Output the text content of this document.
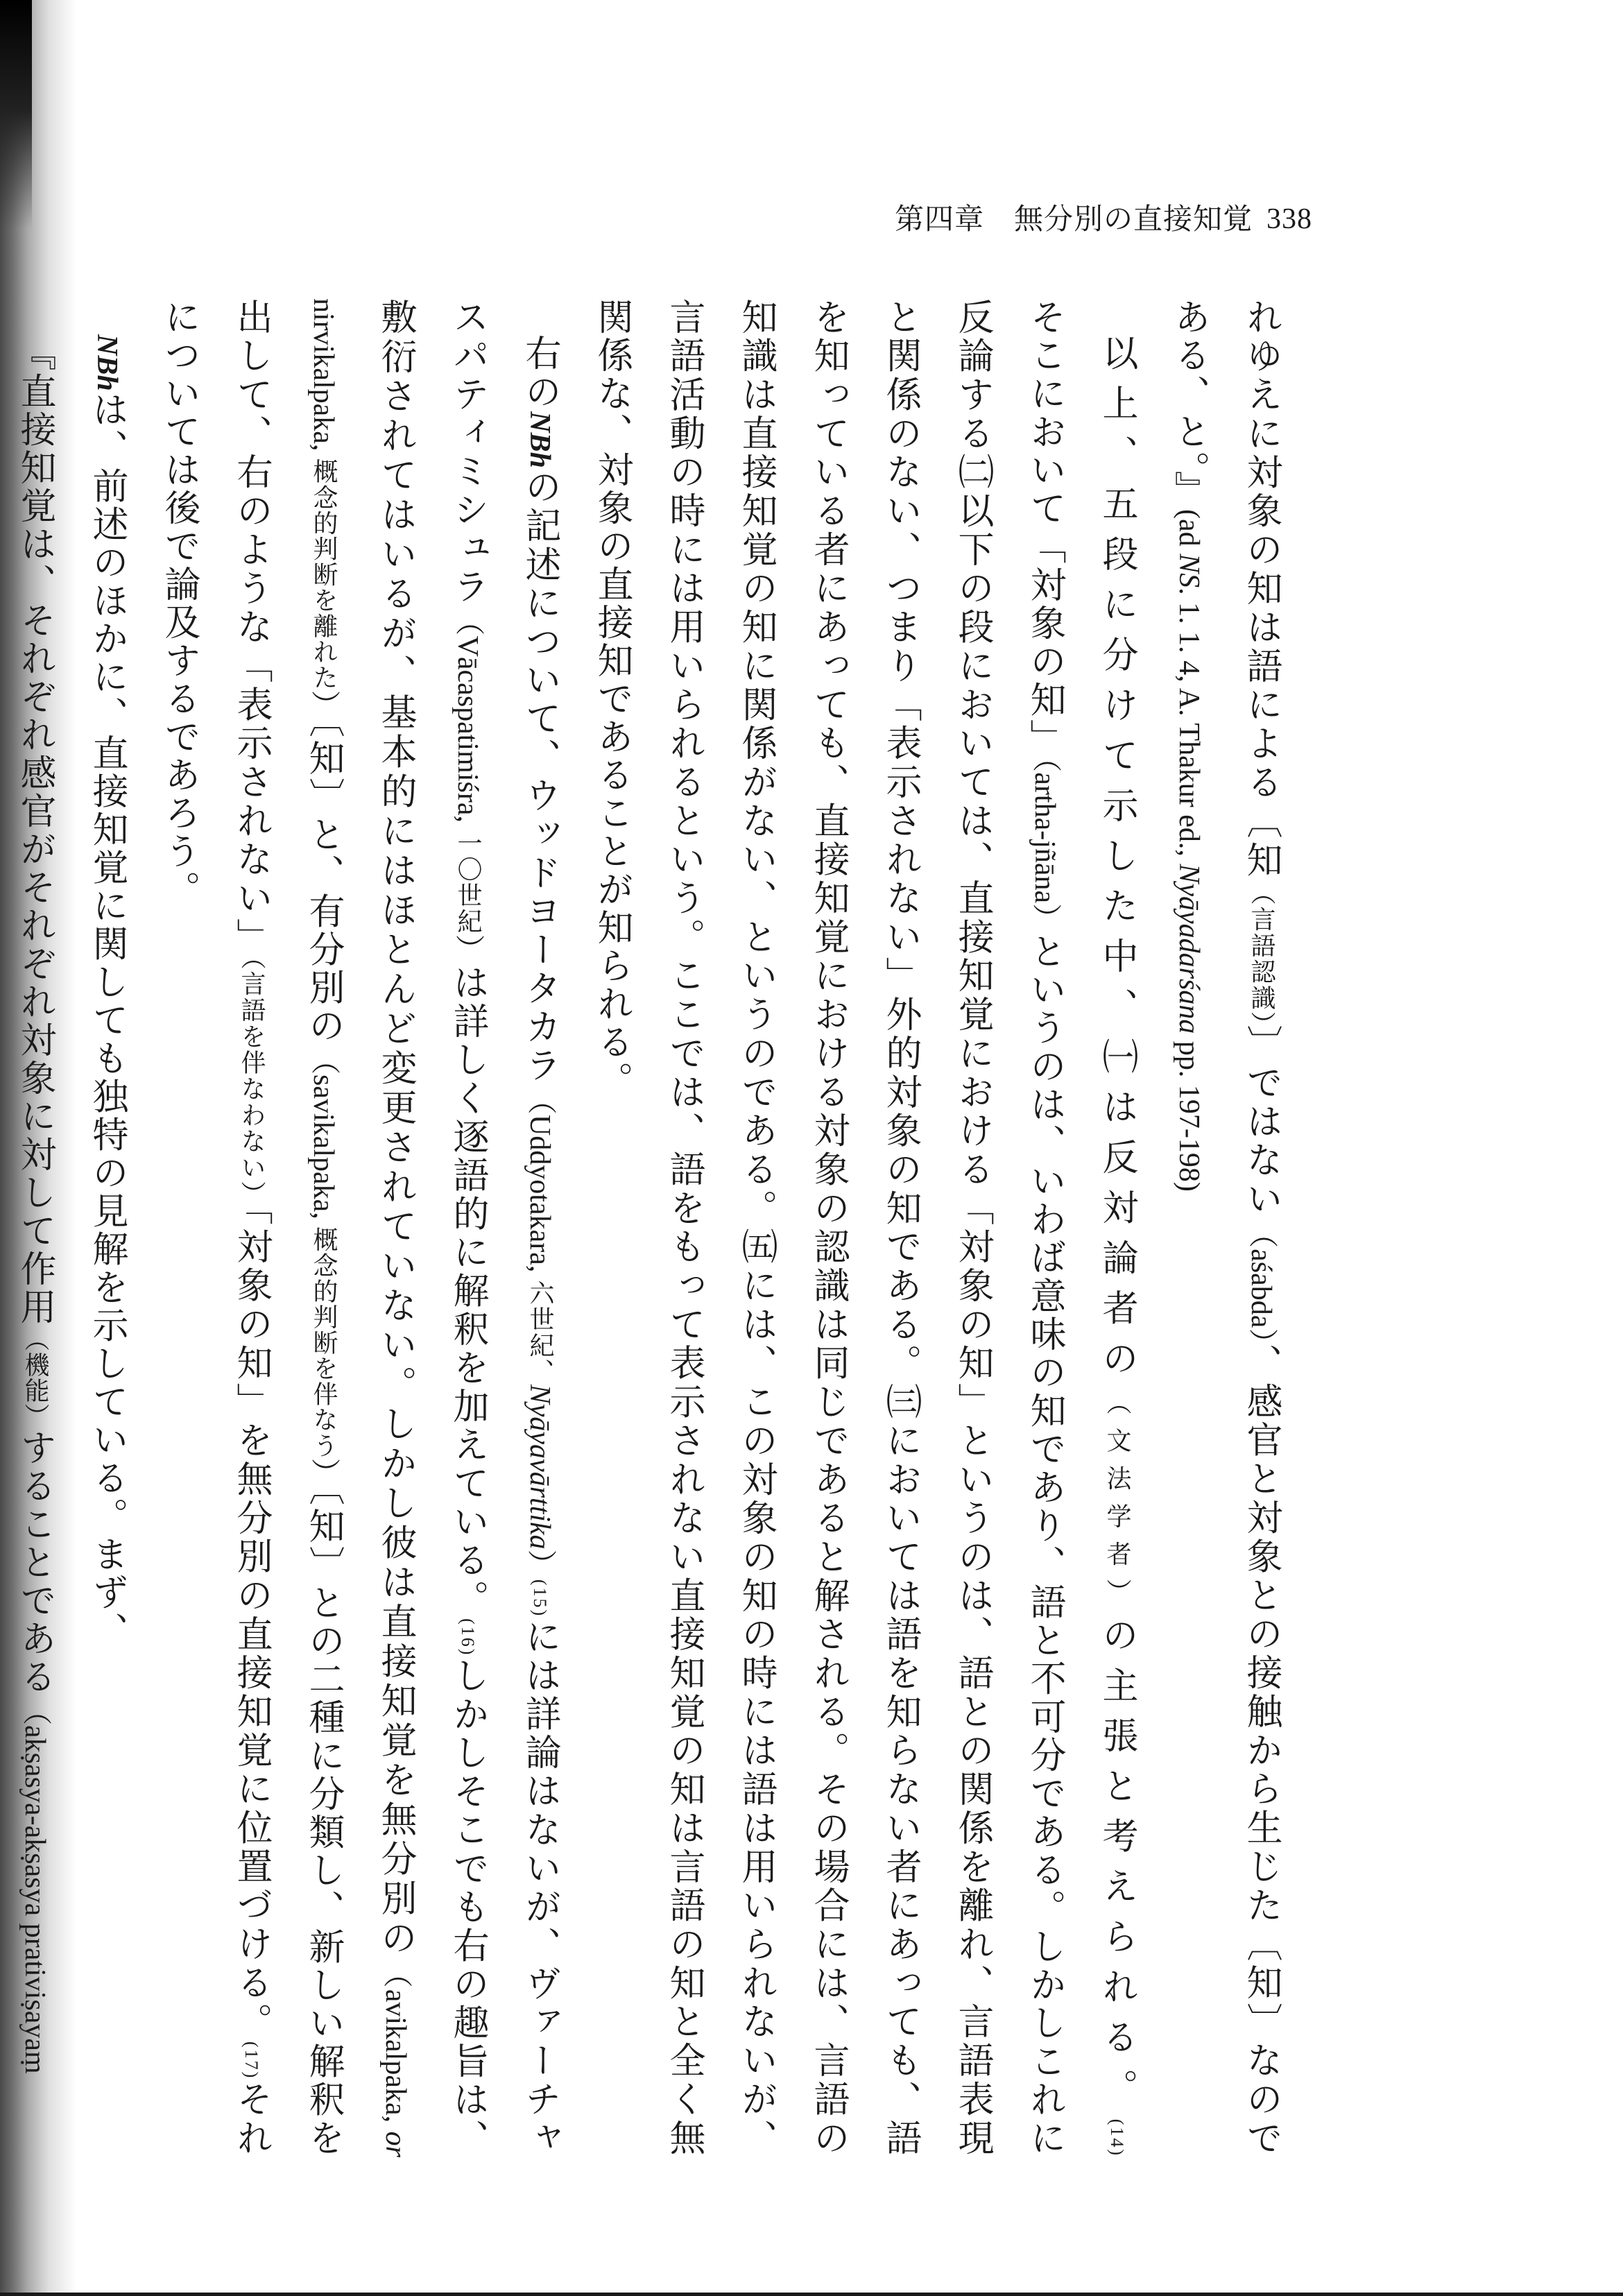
第四章　無分別の直接知覚 338

れゆえに対象の知は語による〔知（言語認識）〕ではない（aśabda）、感官と対象との接触から生じた〔知〕なのである、と。』(ad NS. 1. 1. 4, A. Thakur ed., Nyāyadarśana pp. 197-198)

以上、五段に分けて示した中、㈠は反対論者の（文法学者）の主張と考えられる。(14)そこにおいて「対象の知」（artha-jñāna）というのは、いわば意味の知であり、語と不可分である。しかしこれに反論する㈡以下の段においては、直接知覚における「対象の知」というのは、語との関係を離れ、言語表現と関係のない、つまり「表示されない」外的対象の知である。㈢においては語を知らない者にあっても、語を知っている者にあっても、直接知覚における対象の認識は同じであると解される。その場合には、言語の知識は直接知覚の知に関係がない、というのである。㈤には、この対象の知の時には語は用いられないが、言語活動の時には用いられるという。ここでは、語をもって表示されない直接知覚の知は言語の知と全く無関係な、対象の直接知であることが知られる。

右のNBhの記述について、ウッドヨータカラ（Uddyotakara, 六世紀、Nyāyavārttika）(15)には詳論はないが、ヴァーチャスパティミシュラ（Vācaspatimiśra, 一〇世紀）は詳しく逐語的に解釈を加えている。(16)しかしそこでも右の趣旨は、敷衍されてはいるが、基本的にはほとんど変更されていない。しかし彼は直接知覚を無分別の（avikalpaka, or nirvikalpaka, 概念的判断を離れた）〔知〕と、有分別の（savikalpaka, 概念的判断を伴なう）〔知〕との二種に分類し、新しい解釈を出して、右のような「表示されない」（言語を伴なわない）「対象の知」を無分別の直接知覚に位置づける。(17)それについては後で論及するであろう。

NBhは、前述のほかに、直接知覚に関しても独特の見解を示している。まず、

『直接知覚は、それぞれ感官がそれぞれ対象に対して作用（機能）することである（akṣasya-akṣasya prativiṣayaṃ
